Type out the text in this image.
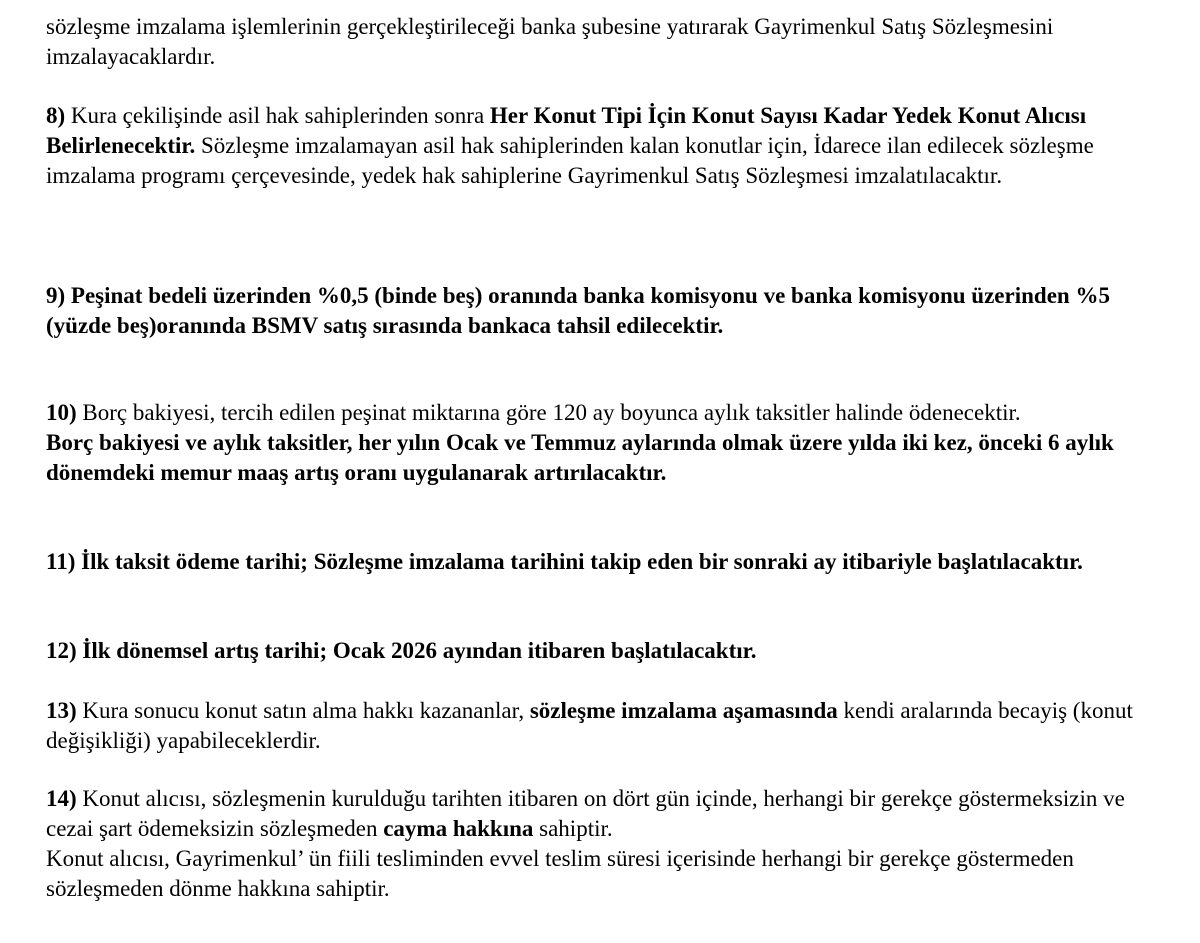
sözleşme imzalama işlemlerinin gerçekleştirileceği banka şubesine yatırarak Gayrimenkul Satış Sözleşmesini imzalayacaklardır.

8) Kura çekilişinde asil hak sahiplerinden sonra Her Konut Tipi İçin Konut Sayısı Kadar Yedek Konut Alıcısı Belirlenecektir. Sözleşme imzalamayan asil hak sahiplerinden kalan konutlar için, İdarece ilan edilecek sözleşme imzalama programı çerçevesinde, yedek hak sahiplerine Gayrimenkul Satış Sözleşmesi imzalatılacaktır.

9) Peşinat bedeli üzerinden %0,5 (binde beş) oranında banka komisyonu ve banka komisyonu üzerinden %5 (yüzde beş)oranında BSMV satış sırasında bankaca tahsil edilecektir.

10) Borç bakiyesi, tercih edilen peşinat miktarına göre 120 ay boyunca aylık taksitler halinde ödenecektir.
Borç bakiyesi ve aylık taksitler, her yılın Ocak ve Temmuz aylarında olmak üzere yılda iki kez, önceki 6 aylık dönemdeki memur maaş artış oranı uygulanarak artırılacaktır.

11) İlk taksit ödeme tarihi; Sözleşme imzalama tarihini takip eden bir sonraki ay itibariyle başlatılacaktır.

12) İlk dönemsel artış tarihi; Ocak 2026 ayından itibaren başlatılacaktır.

13) Kura sonucu konut satın alma hakkı kazananlar, sözleşme imzalama aşamasında kendi aralarında becayiş (konut değişikliği) yapabileceklerdir.

14) Konut alıcısı, sözleşmenin kurulduğu tarihten itibaren on dört gün içinde, herhangi bir gerekçe göstermeksizin ve cezai şart ödemeksizin sözleşmeden cayma hakkına sahiptir.
Konut alıcısı, Gayrimenkul’ ün fiili tesliminden evvel teslim süresi içerisinde herhangi bir gerekçe göstermeden sözleşmeden dönme hakkına sahiptir.
